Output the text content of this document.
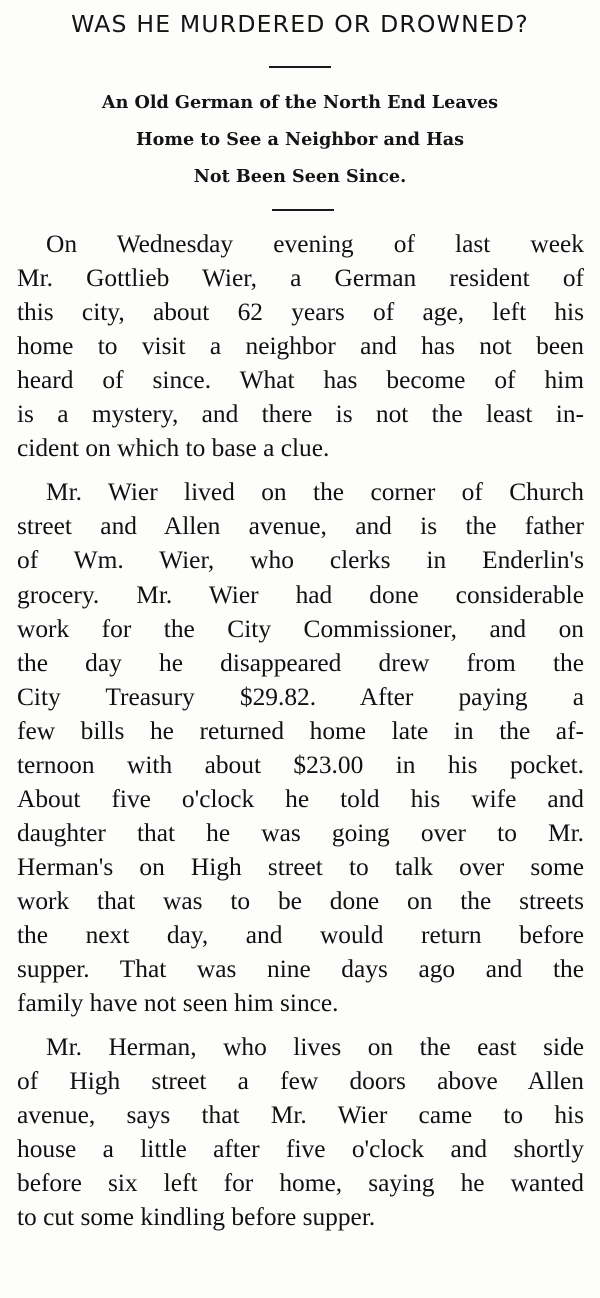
WAS HE MURDERED OR DROWNED?
An Old German of the North End Leaves
Home to See a Neighbor and Has
Not Been Seen Since.
On Wednesday evening of last week
Mr. Gottlieb Wier, a German resident of
this city, about 62 years of age, left his
home to visit a neighbor and has not been
heard of since. What has become of him
is a mystery, and there is not the least in-
cident on which to base a clue.
Mr. Wier lived on the corner of Church
street and Allen avenue, and is the father
of Wm. Wier, who clerks in Enderlin's
grocery. Mr. Wier had done considerable
work for the City Commissioner, and on
the day he disappeared drew from the
City Treasury $29.82. After paying a
few bills he returned home late in the af-
ternoon with about $23.00 in his pocket.
About five o'clock he told his wife and
daughter that he was going over to Mr.
Herman's on High street to talk over some
work that was to be done on the streets
the next day, and would return before
supper. That was nine days ago and the
family have not seen him since.
Mr. Herman, who lives on the east side
of High street a few doors above Allen
avenue, says that Mr. Wier came to his
house a little after five o'clock and shortly
before six left for home, saying he wanted
to cut some kindling before supper.
